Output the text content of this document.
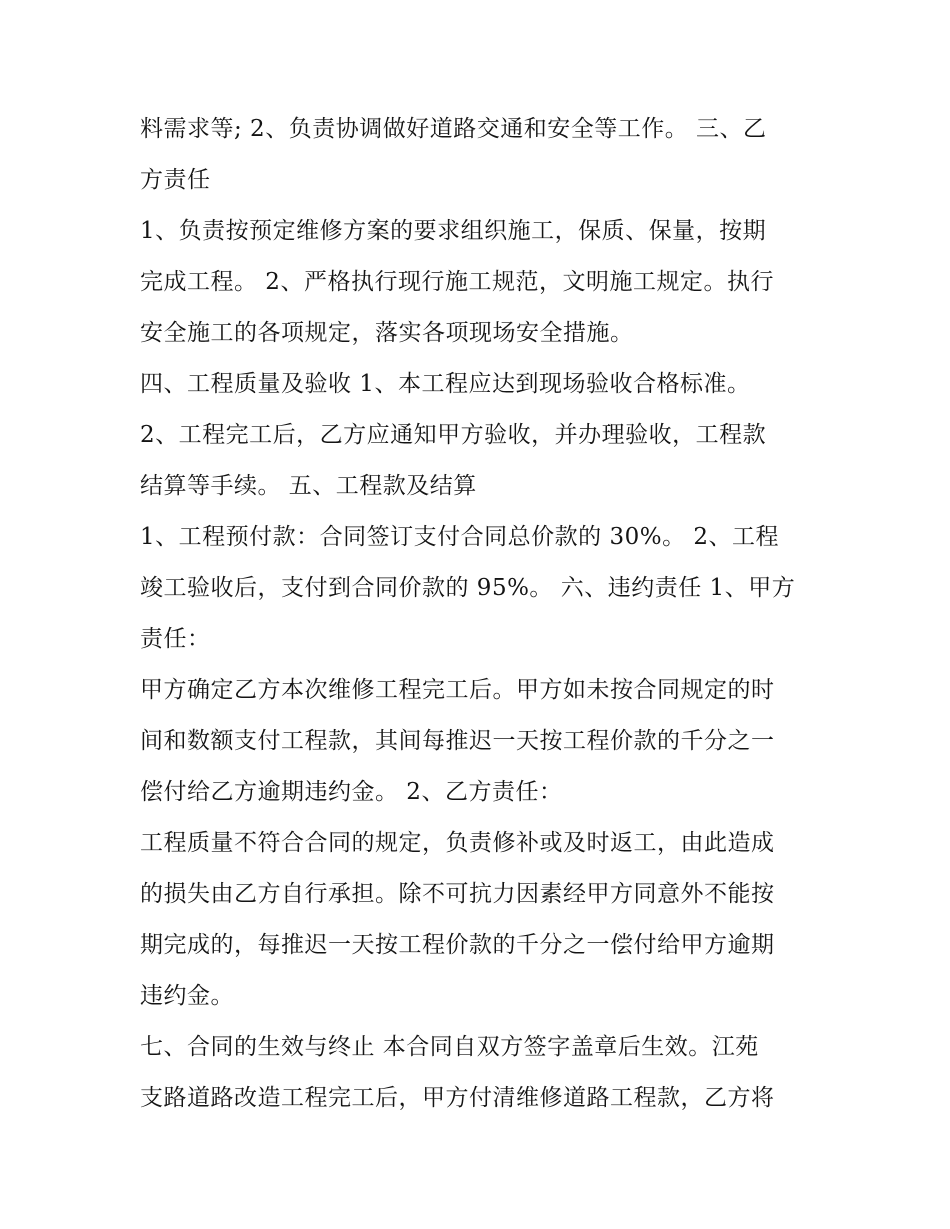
料需求等; 2、负责协调做好道路交通和安全等工作。 三、乙
方责任
1、负责按预定维修方案的要求组织施工，保质、保量，按期
完成工程。 2、严格执行现行施工规范，文明施工规定。执行
安全施工的各项规定，落实各项现场安全措施。
四、工程质量及验收 1、本工程应达到现场验收合格标准。
2、工程完工后，乙方应通知甲方验收，并办理验收，工程款
结算等手续。 五、工程款及结算
1、工程预付款：合同签订支付合同总价款的 30%。 2、工程
竣工验收后，支付到合同价款的 95%。 六、违约责任 1、甲方
责任：
甲方确定乙方本次维修工程完工后。甲方如未按合同规定的时
间和数额支付工程款，其间每推迟一天按工程价款的千分之一
偿付给乙方逾期违约金。 2、乙方责任：
工程质量不符合合同的规定，负责修补或及时返工，由此造成
的损失由乙方自行承担。除不可抗力因素经甲方同意外不能按
期完成的，每推迟一天按工程价款的千分之一偿付给甲方逾期
违约金。
七、合同的生效与终止 本合同自双方签字盖章后生效。江苑
支路道路改造工程完工后，甲方付清维修道路工程款，乙方将
